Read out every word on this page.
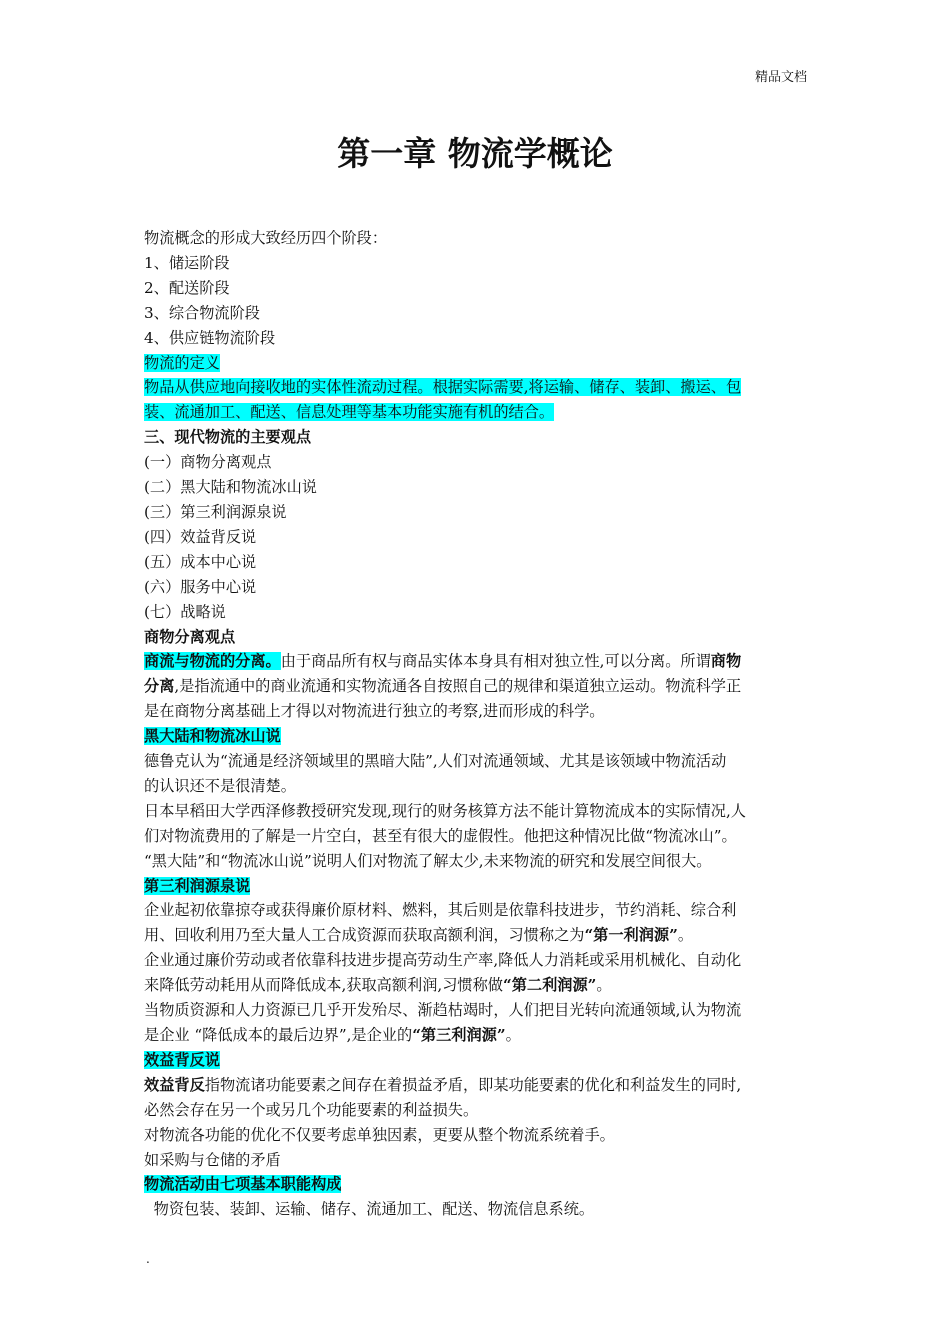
精品文档
第一章 物流学概论
物流概念的形成大致经历四个阶段：
1、储运阶段
2、配送阶段
3、综合物流阶段
4、供应链物流阶段
物流的定义
物品从供应地向接收地的实体性流动过程。根据实际需要,将运输、储存、装卸、搬运、包
装、流通加工、配送、信息处理等基本功能实施有机的结合。
三、现代物流的主要观点
(一）商物分离观点
(二）黑大陆和物流冰山说
(三）第三利润源泉说
(四）效益背反说
(五）成本中心说
(六）服务中心说
(七）战略说
商物分离观点
商流与物流的分离。由于商品所有权与商品实体本身具有相对独立性,可以分离。所谓商物
分离,是指流通中的商业流通和实物流通各自按照自己的规律和渠道独立运动。物流科学正
是在商物分离基础上才得以对物流进行独立的考察,进而形成的科学。
黑大陆和物流冰山说
德鲁克认为“流通是经济领域里的黑暗大陆”,人们对流通领域、尤其是该领域中物流活动
的认识还不是很清楚。
日本早稻田大学西泽修教授研究发现,现行的财务核算方法不能计算物流成本的实际情况,人
们对物流费用的了解是一片空白，甚至有很大的虚假性。他把这种情况比做“物流冰山”。
“黑大陆”和“物流冰山说”说明人们对物流了解太少,未来物流的研究和发展空间很大。
第三利润源泉说
企业起初依靠掠夺或获得廉价原材料、燃料，其后则是依靠科技进步，节约消耗、综合利
用、回收利用乃至大量人工合成资源而获取高额利润，习惯称之为“第一利润源”。
企业通过廉价劳动或者依靠科技进步提高劳动生产率,降低人力消耗或采用机械化、自动化
来降低劳动耗用从而降低成本,获取高额利润,习惯称做“第二利润源”。
当物质资源和人力资源已几乎开发殆尽、渐趋枯竭时，人们把目光转向流通领域,认为物流
是企业 “降低成本的最后边界”,是企业的“第三利润源”。
效益背反说
效益背反指物流诸功能要素之间存在着损益矛盾，即某功能要素的优化和利益发生的同时,
必然会存在另一个或另几个功能要素的利益损失。
对物流各功能的优化不仅要考虑单独因素，更要从整个物流系统着手。
如采购与仓储的矛盾
物流活动由七项基本职能构成
物资包装、装卸、运输、储存、流通加工、配送、物流信息系统。
.
